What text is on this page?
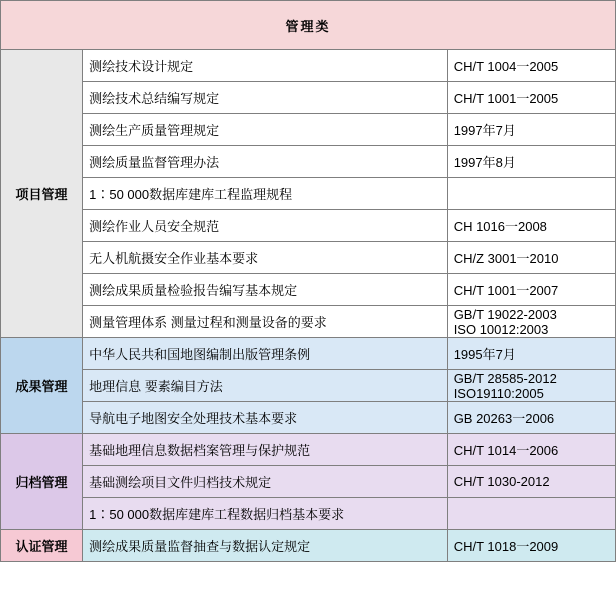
管理类		
项目管理	测绘技术设计规定	CH/T 1004一2005
	测绘技术总结编写规定	CH/T 1001一2005
	测绘生产质量管理规定	1997年7月
	测绘质量监督管理办法	1997年8月
	1∶50 000数据库建库工程监理规程	
	测绘作业人员安全规范	CH 1016一2008
	无人机航摄安全作业基本要求	CH/Z 3001一2010
	测绘成果质量检验报告编写基本规定	CH/T 1001一2007
	测量管理体系 测量过程和测量设备的要求	GB/T 19022-2003
ISO 10012:2003
成果管理	中华人民共和国地图编制出版管理条例	1995年7月
	地理信息 要素编目方法	GB/T 28585-2012
ISO19110:2005
	导航电子地图安全处理技术基本要求	GB 20263一2006
归档管理	基础地理信息数据档案管理与保护规范	CH/T 1014一2006
	基础测绘项目文件归档技术规定	CH/T 1030-2012
	1∶50 000数据库建库工程数据归档基本要求	
认证管理	测绘成果质量监督抽查与数据认定规定	CH/T 1018一2009
